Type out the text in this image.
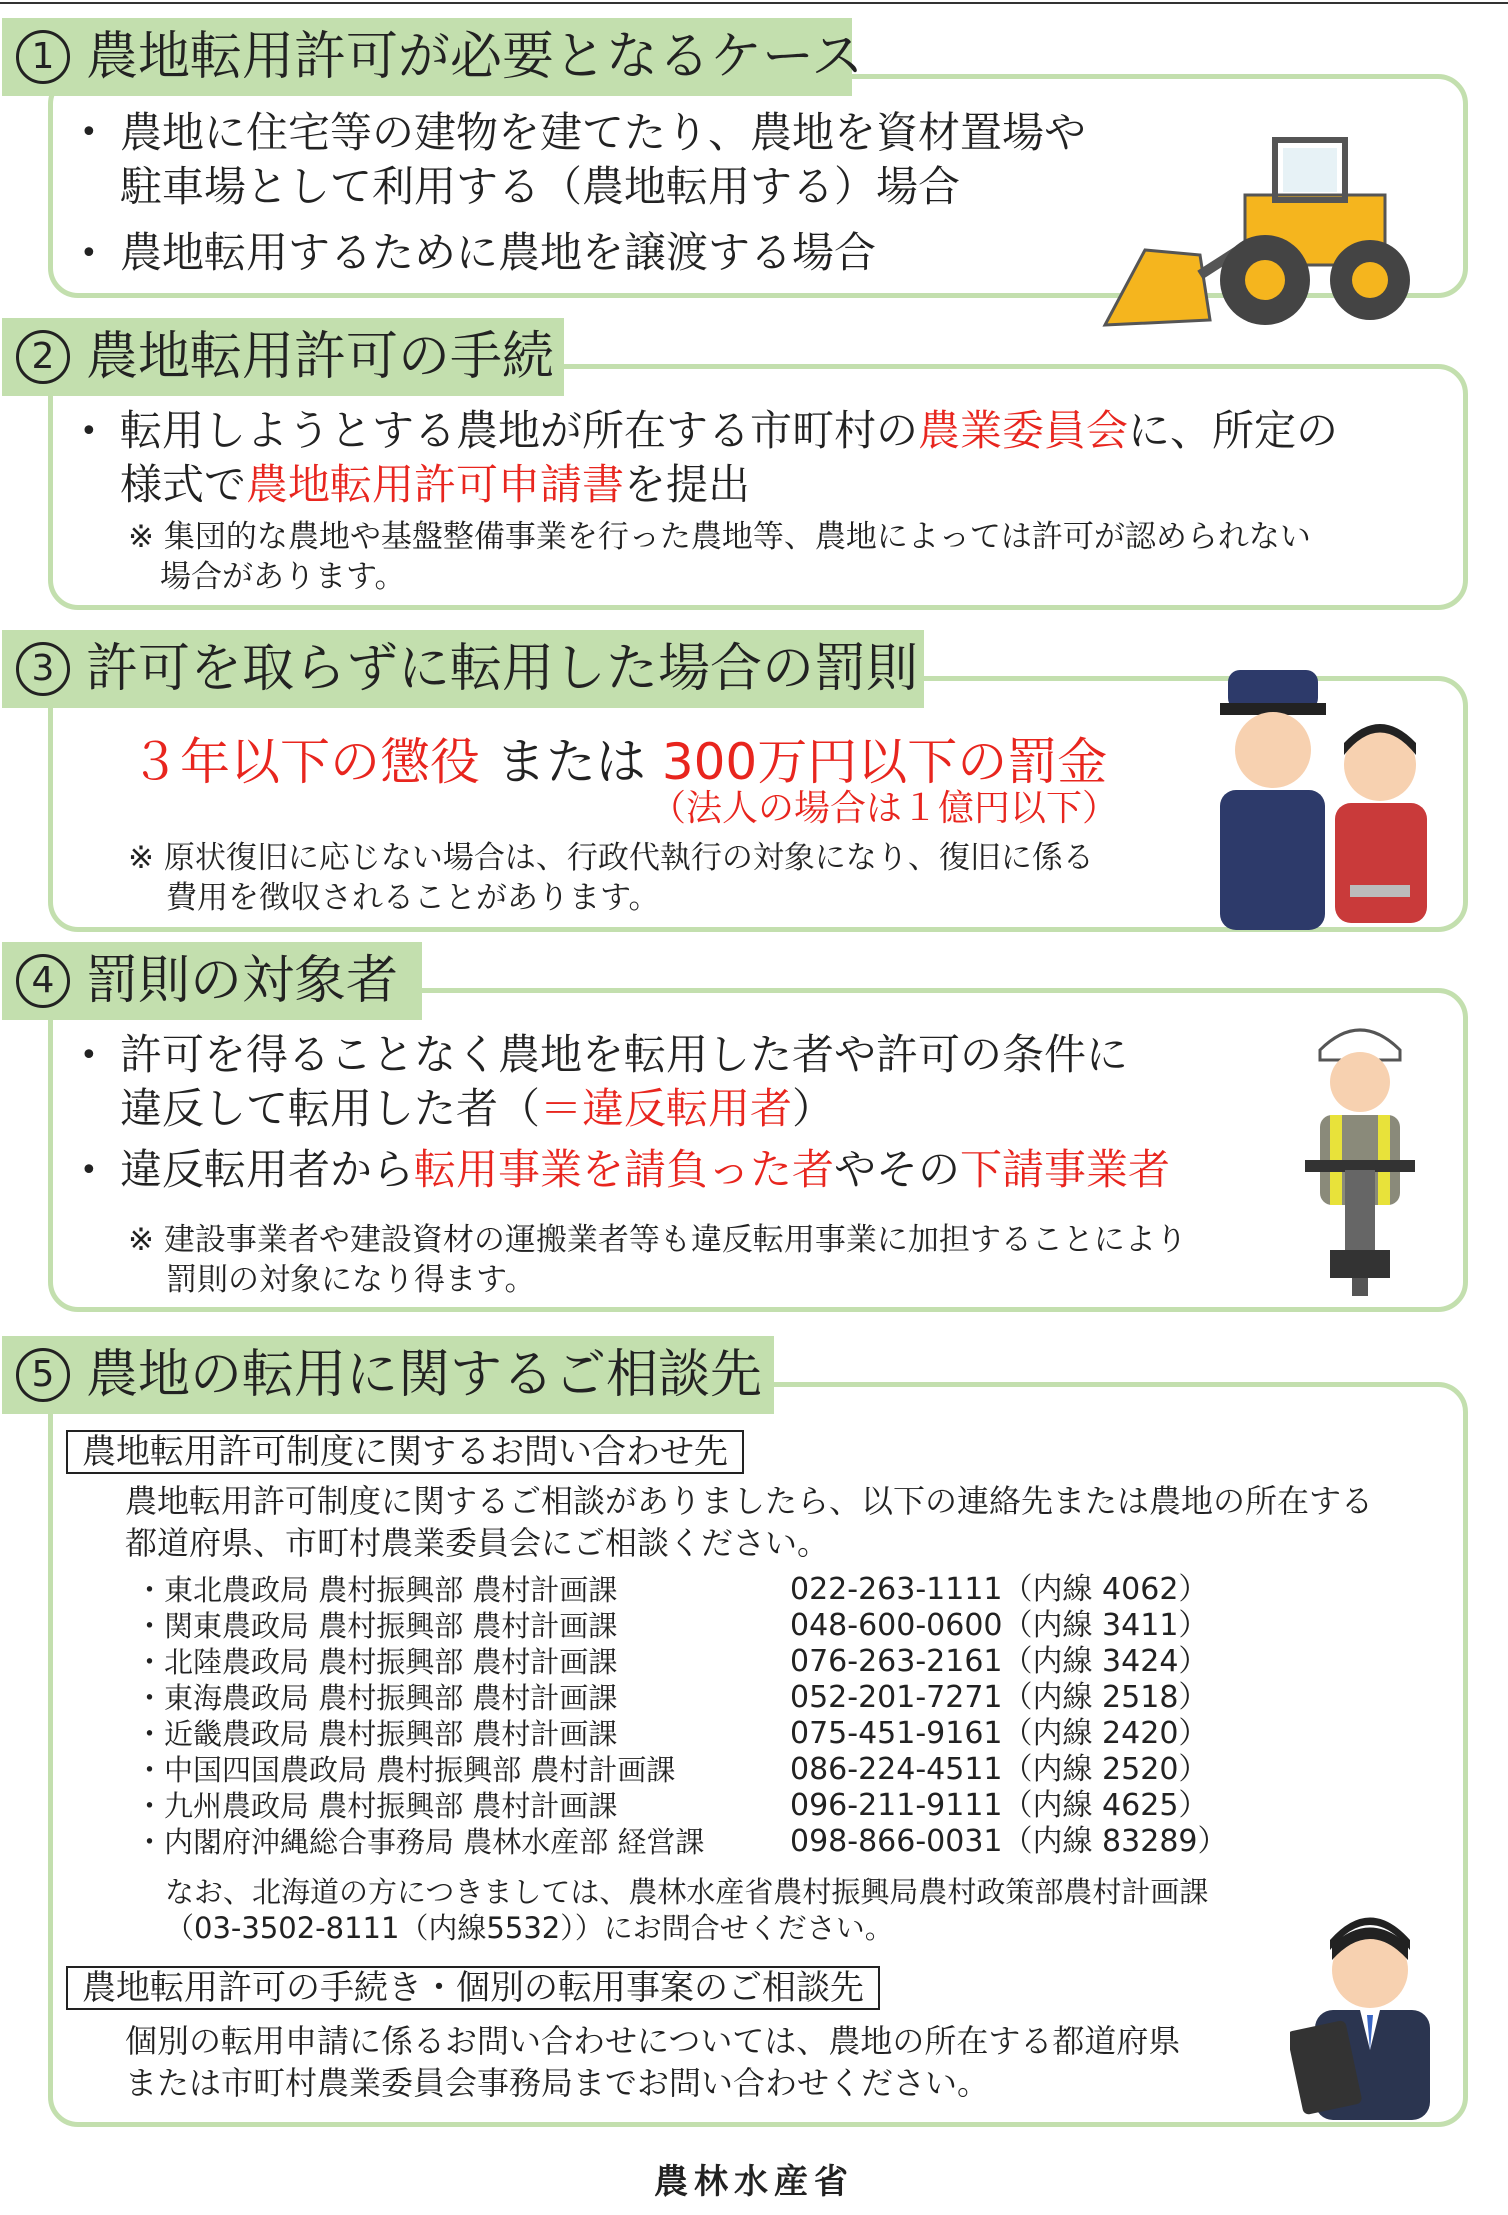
1 農地転用許可が必要となるケース
• 農地に住宅等の建物を建てたり、農地を資材置場や
駐車場として利用する（農地転用する）場合
• 農地転用するために農地を譲渡する場合
2 農地転用許可の手続
• 転用しようとする農地が所在する市町村の農業委員会に、所定の
様式で農地転用許可申請書を提出
※ 集団的な農地や基盤整備事業を行った農地等、農地によっては許可が認められない
場合があります。
3 許可を取らずに転用した場合の罰則
３年以下の懲役 または 300万円以下の罰金
（法人の場合は１億円以下）
※ 原状復旧に応じない場合は、行政代執行の対象になり、復旧に係る
費用を徴収されることがあります。
4 罰則の対象者
• 許可を得ることなく農地を転用した者や許可の条件に
違反して転用した者（＝違反転用者）
• 違反転用者から転用事業を請負った者やその下請事業者
※ 建設事業者や建設資材の運搬業者等も違反転用事業に加担することにより
罰則の対象になり得ます。
5 農地の転用に関するご相談先
農地転用許可制度に関するお問い合わせ先
農地転用許可制度に関するご相談がありましたら、以下の連絡先または農地の所在する
都道府県、市町村農業委員会にご相談ください。
・東北農政局 農村振興部 農村計画課	022-263-1111（内線 4062）
・関東農政局 農村振興部 農村計画課	048-600-0600（内線 3411）
・北陸農政局 農村振興部 農村計画課	076-263-2161（内線 3424）
・東海農政局 農村振興部 農村計画課	052-201-7271（内線 2518）
・近畿農政局 農村振興部 農村計画課	075-451-9161（内線 2420）
・中国四国農政局 農村振興部 農村計画課	086-224-4511（内線 2520）
・九州農政局 農村振興部 農村計画課	096-211-9111（内線 4625）
・内閣府沖縄総合事務局 農林水産部 経営課	098-866-0031（内線 83289）
なお、北海道の方につきましては、農林水産省農村振興局農村政策部農村計画課
（03-3502-8111（内線5532））にお問合せください。
農地転用許可の手続き・個別の転用事案のご相談先
個別の転用申請に係るお問い合わせについては、農地の所在する都道府県
または市町村農業委員会事務局までお問い合わせください。
農林水産省
